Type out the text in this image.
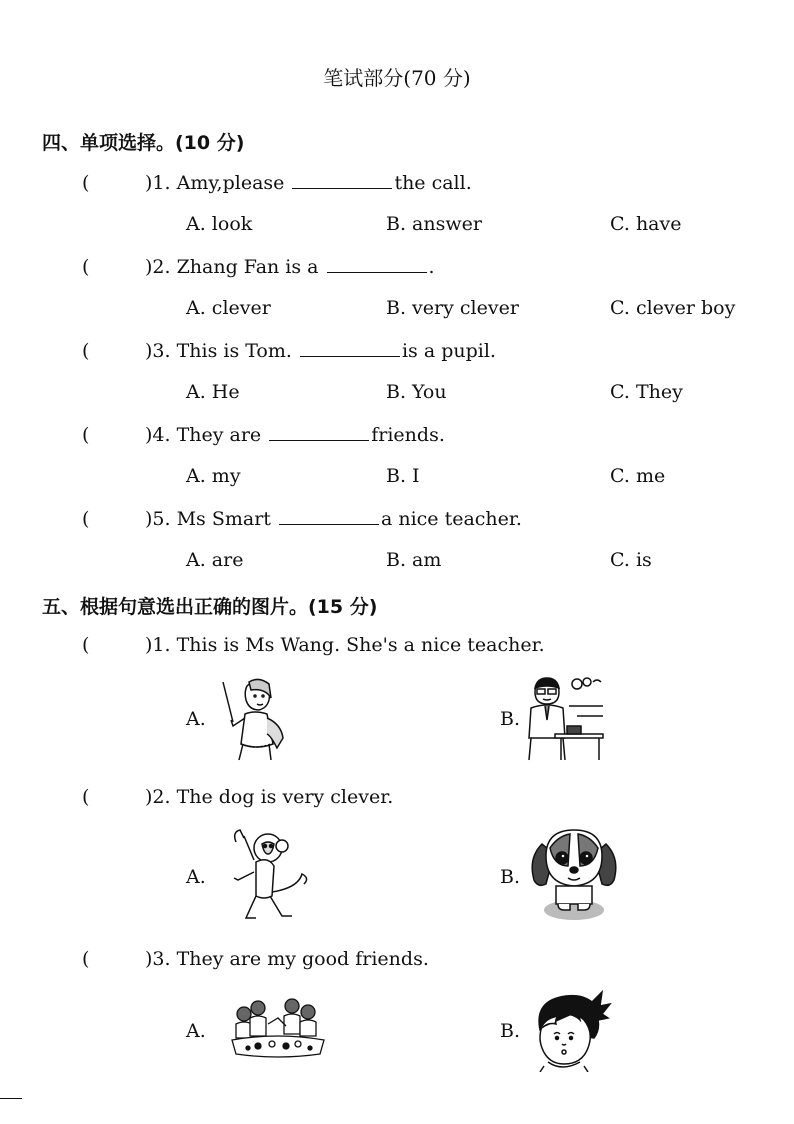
笔试部分(70 分)
四、单项选择。(10 分)
(	)1. Amy,please	the call.
A. look	B. answer	C. have
(	)2. Zhang Fan is a	.
A. clever	B. very clever	C. clever boy
(	)3. This is Tom.	is a pupil.
A. He	B. You	C. They
(	)4. They are	friends.
A. my	B. I	C. me
(	)5. Ms Smart	a nice teacher.
A. are	B. am	C. is
五、根据句意选出正确的图片。(15 分)
(	)1. This is Ms Wang. She's a nice teacher.
A.	B.
(	)2. The dog is very clever.
A.	B.
(	)3. They are my good friends.
A.	B.
